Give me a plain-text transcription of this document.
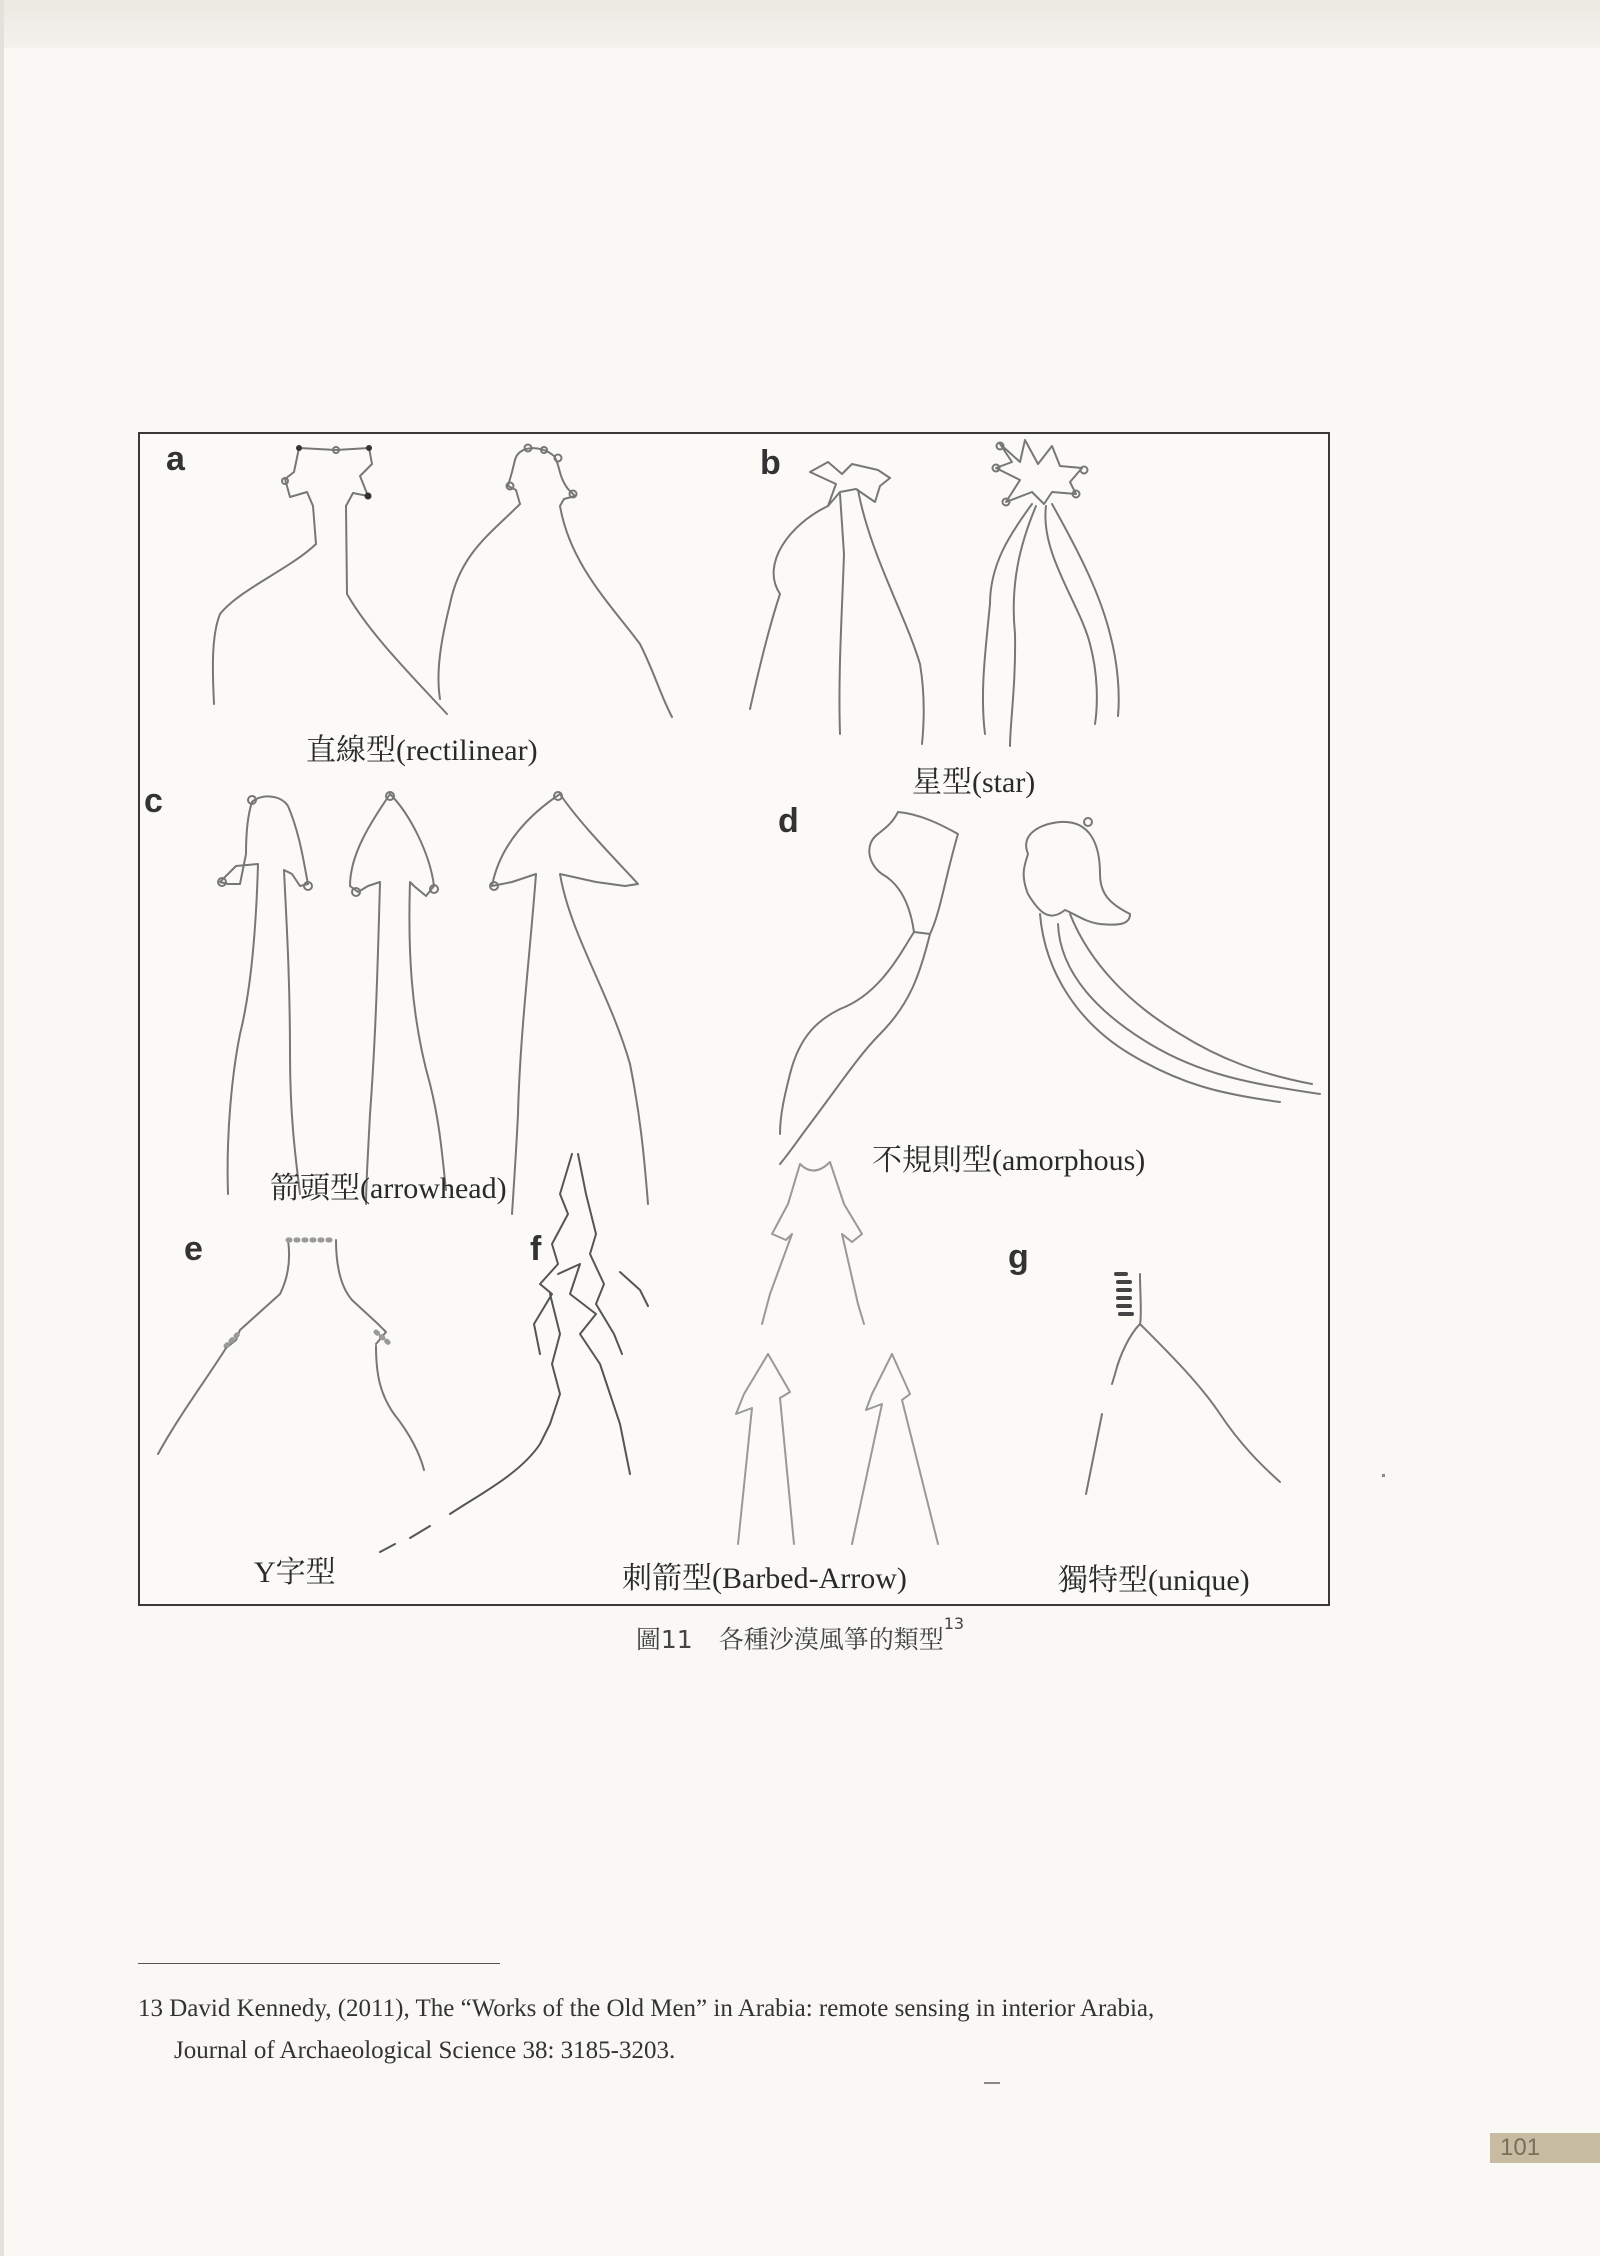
a	b
c
d
e	f	g
直線型(rectilinear)
星型(star)
箭頭型(arrowhead)
不規則型(amorphous)
Y字型	刺箭型(Barbed-Arrow)	獨特型(unique)
圖11 各種沙漠風箏的類型$^{13}$
13 David Kennedy, (2011), The “Works of the Old Men” in Arabia: remote sensing in interior Arabia,
Journal of Archaeological Science 38: 3185-3203.
101
